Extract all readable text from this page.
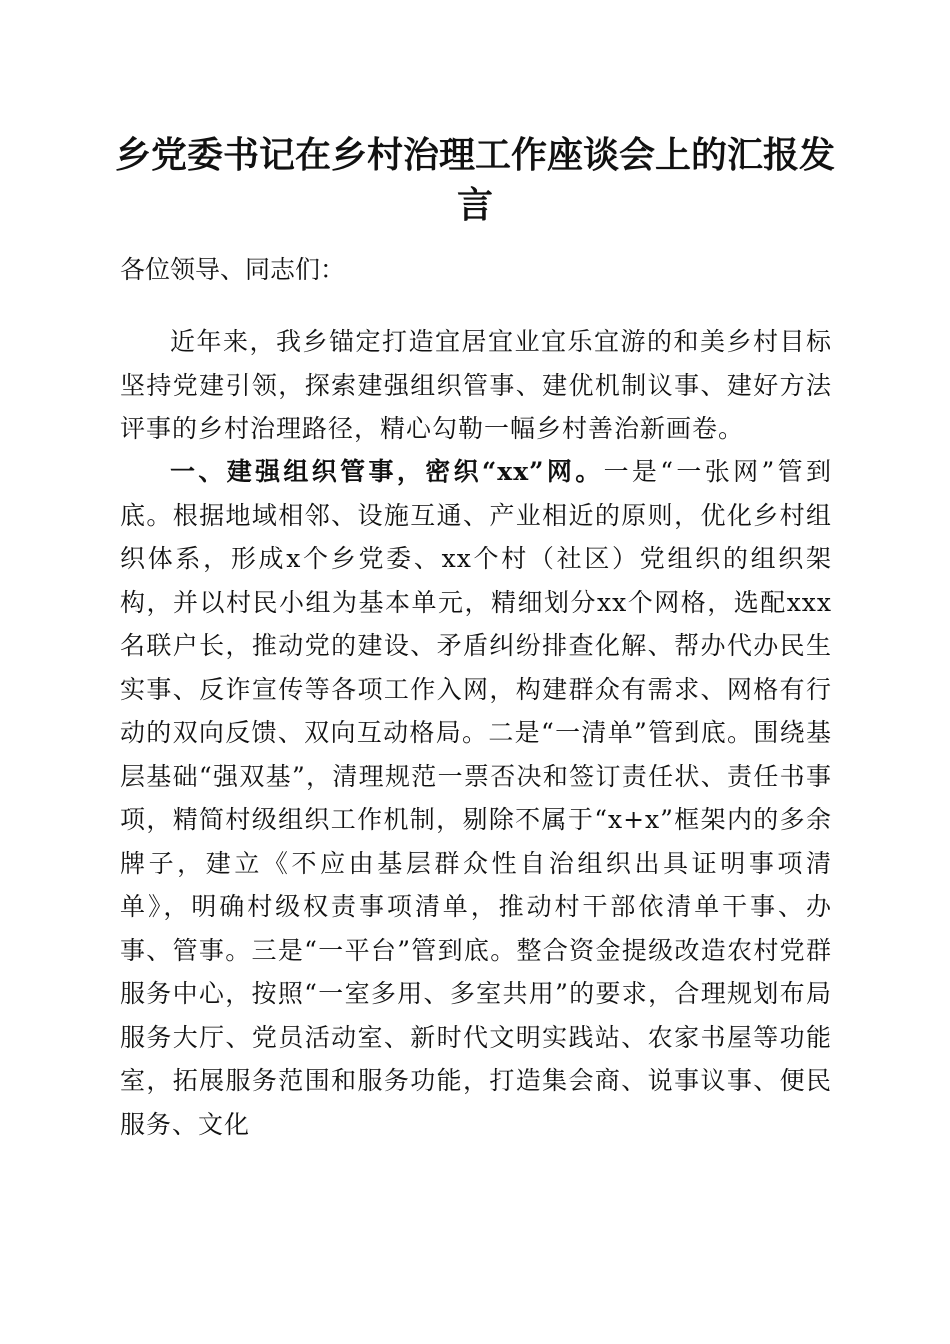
乡党委书记在乡村治理工作座谈会上的汇报发言
各位领导、同志们：
近年来，我乡锚定打造宜居宜业宜乐宜游的和美乡村目标坚持党建引领，探索建强组织管事、建优机制议事、建好方法评事的乡村治理路径，精心勾勒一幅乡村善治新画卷。
一、建强组织管事，密织“xx”网。一是“一张网”管到底。根据地域相邻、设施互通、产业相近的原则，优化乡村组织体系，形成x个乡党委、xx个村（社区）党组织的组织架构，并以村民小组为基本单元，精细划分xx个网格，选配xxx名联户长，推动党的建设、矛盾纠纷排查化解、帮办代办民生实事、反诈宣传等各项工作入网，构建群众有需求、网格有行动的双向反馈、双向互动格局。二是“一清单”管到底。围绕基层基础“强双基”，清理规范一票否决和签订责任状、责任书事项，精简村级组织工作机制，剔除不属于“x+x”框架内的多余牌子，建立《不应由基层群众性自治组织出具证明事项清单》，明确村级权责事项清单，推动村干部依清单干事、办事、管事。三是“一平台”管到底。整合资金提级改造农村党群服务中心，按照“一室多用、多室共用”的要求，合理规划布局服务大厅、党员活动室、新时代文明实践站、农家书屋等功能室，拓展服务范围和服务功能，打造集会商、说事议事、便民服务、文化
